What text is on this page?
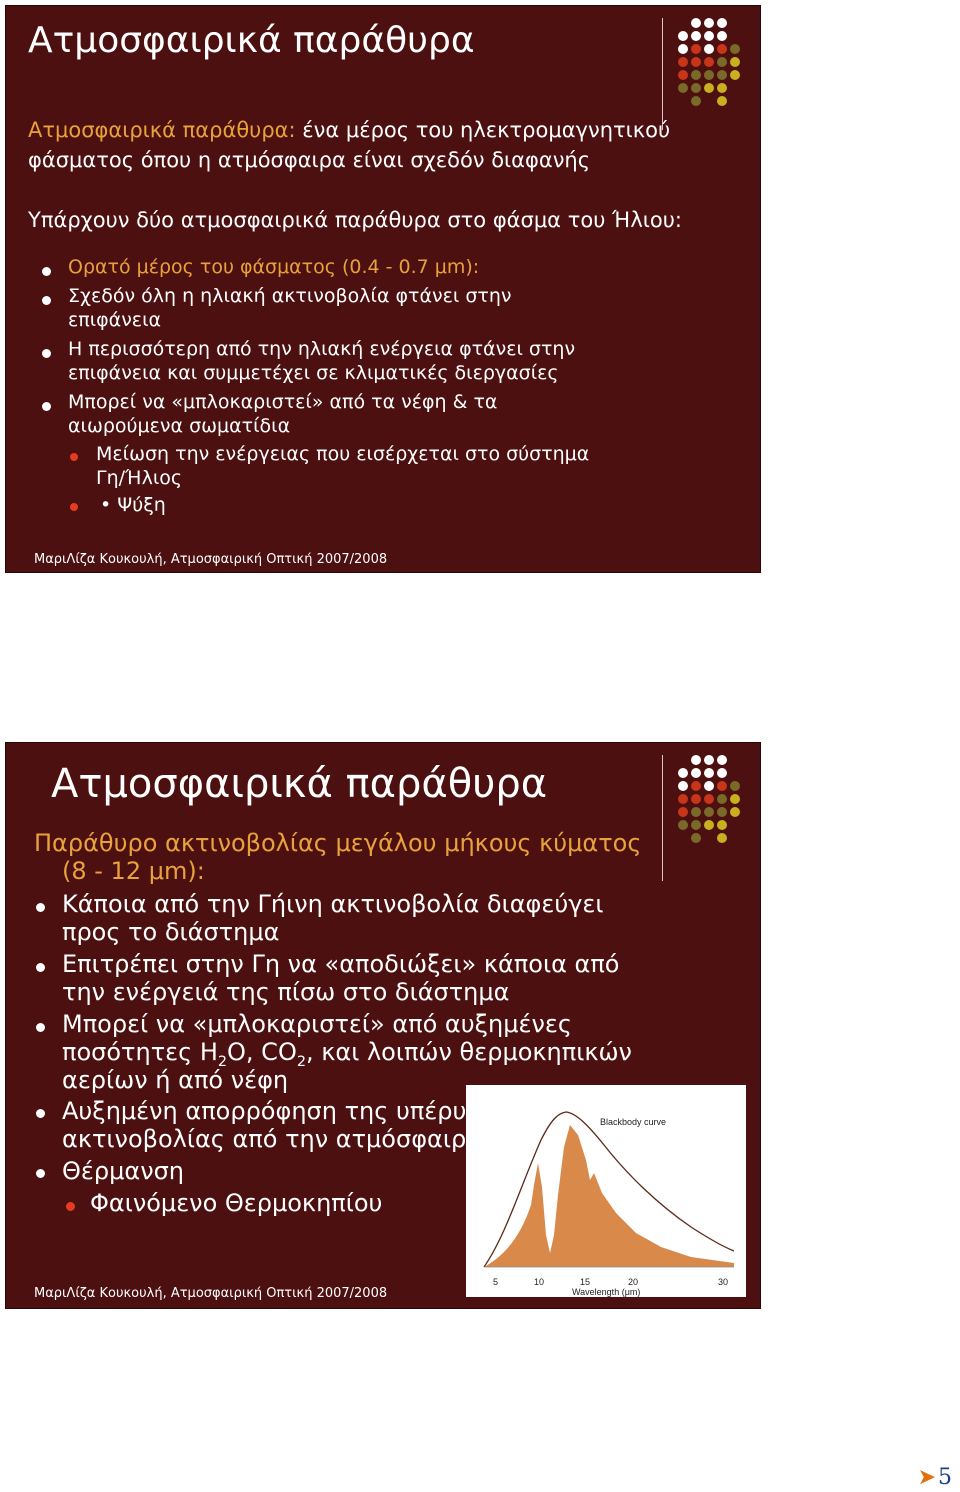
Ατμοσφαιρικά παράθυρα
Ατμοσφαιρικά παράθυρα: ένα μέρος του ηλεκτρομαγνητικού
φάσματος όπου η ατμόσφαιρα είναι σχεδόν διαφανής
Υπάρχουν δύο ατμοσφαιρικά παράθυρα στο φάσμα του Ήλιου:
Ορατό μέρος του φάσματος (0.4 - 0.7 μm):
Σχεδόν όλη η ηλιακή ακτινοβολία φτάνει στην
επιφάνεια
Η περισσότερη από την ηλιακή ενέργεια φτάνει στην
επιφάνεια και συμμετέχει σε κλιματικές διεργασίες
Μπορεί να «μπλοκαριστεί» από τα νέφη & τα
αιωρούμενα σωματίδια
Μείωση την ενέργειας που εισέρχεται στο σύστημα
Γη/Ήλιος
• Ψύξη
ΜαριΛίζα Κουκουλή, Ατμοσφαιρική Οπτική 2007/2008
Ατμοσφαιρικά παράθυρα
Παράθυρο ακτινοβολίας μεγάλου μήκους κύματος
(8 - 12 μm):
Κάποια από την Γήινη ακτινοβολία διαφεύγει
προς το διάστημα
Επιτρέπει στην Γη να «αποδιώξει» κάποια από
την ενέργειά της πίσω στο διάστημα
Μπορεί να «μπλοκαριστεί» από αυξημένες
ποσότητες $H_2O$, $CO_2$, και λοιπών θερμοκηπικών
αερίων ή από νέφη
Blackbody curve
5	10	15	20	30
Wavelength (μm)
Αυξημένη απορρόφηση της υπέρυθρης
ακτινοβολίας από την ατμόσφαιρα
Θέρμανση
Φαινόμενο Θερμοκηπίου
ΜαριΛίζα Κουκουλή, Ατμοσφαιρική Οπτική 2007/2008
➤5
